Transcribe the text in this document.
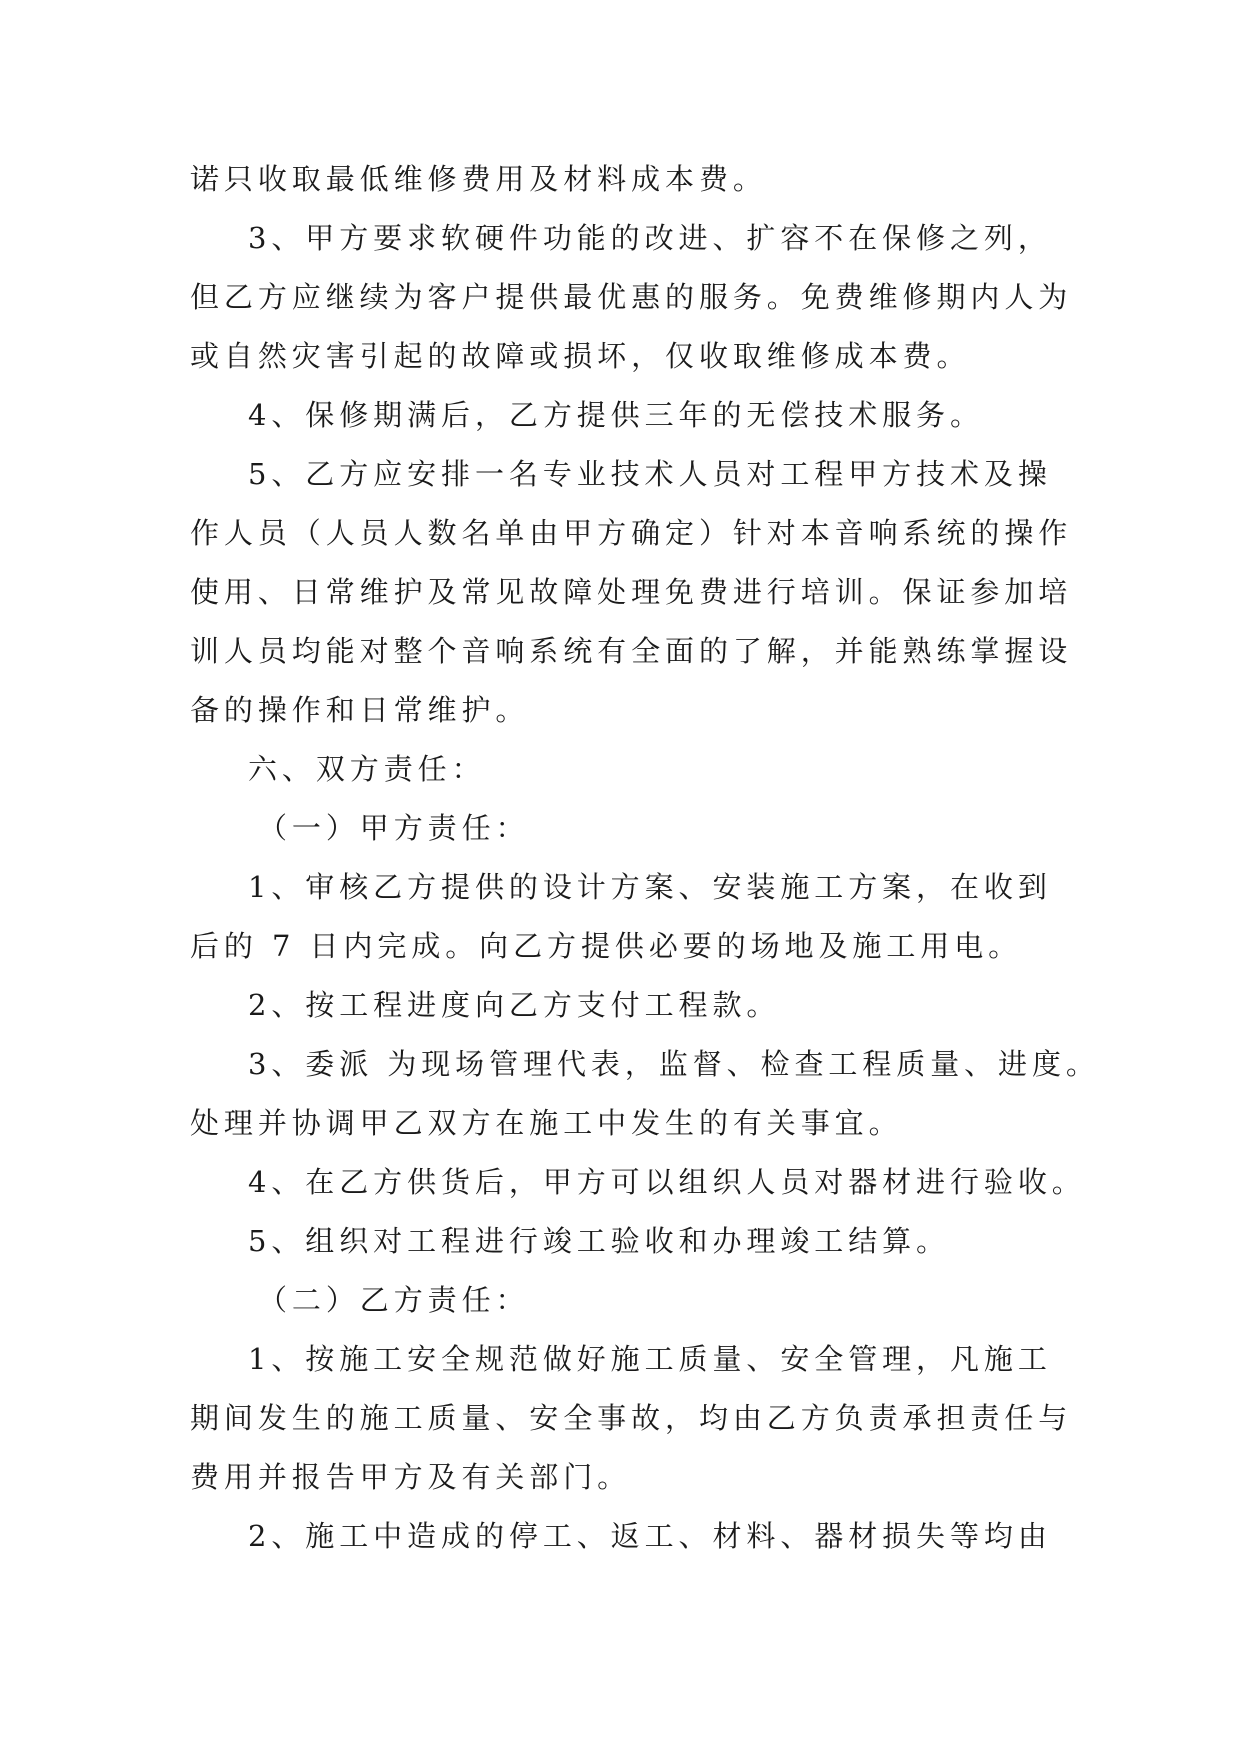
诺只收取最低维修费用及材料成本费。
3、甲方要求软硬件功能的改进、扩容不在保修之列，
但乙方应继续为客户提供最优惠的服务。免费维修期内人为
或自然灾害引起的故障或损坏，仅收取维修成本费。
4、保修期满后，乙方提供三年的无偿技术服务。
5、乙方应安排一名专业技术人员对工程甲方技术及操
作人员（人员人数名单由甲方确定）针对本音响系统的操作
使用、日常维护及常见故障处理免费进行培训。保证参加培
训人员均能对整个音响系统有全面的了解，并能熟练掌握设
备的操作和日常维护。
六、双方责任：
（一）甲方责任：
1、审核乙方提供的设计方案、安装施工方案，在收到
后的 7 日内完成。向乙方提供必要的场地及施工用电。
2、按工程进度向乙方支付工程款。
3、委派 为现场管理代表，监督、检查工程质量、进度。
处理并协调甲乙双方在施工中发生的有关事宜。
4、在乙方供货后，甲方可以组织人员对器材进行验收。
5、组织对工程进行竣工验收和办理竣工结算。
（二）乙方责任：
1、按施工安全规范做好施工质量、安全管理，凡施工
期间发生的施工质量、安全事故，均由乙方负责承担责任与
费用并报告甲方及有关部门。
2、施工中造成的停工、返工、材料、器材损失等均由
